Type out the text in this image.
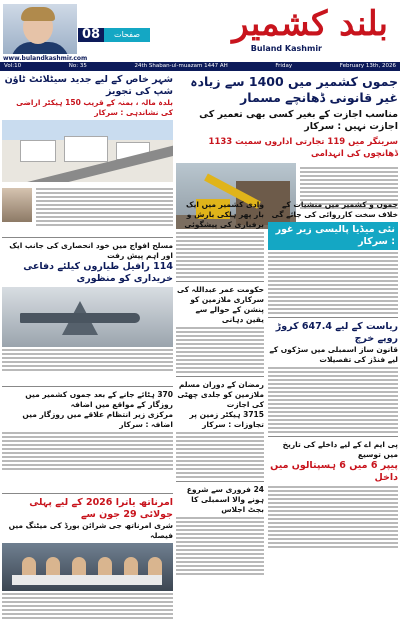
08	صفحات
www.bulandkashmir.com
بلند کشمیر
Buland Kashmir
Vol:10	No: 35	24th Shaban-ul-muazam 1447 AH	Friday	February 13th, 2026
جموں کشمیر میں 1400 سے زیادہ غیر قانونی ڈھانچے مسمار
مناسب اجازت کے بغیر کسی بھی تعمیر کی اجازت نہیں : سرکار
سرینگر میں 119 تجارتی اداروں سمیت 1133 ڈھانچوں کی انہدامی
شہر خاص کے لیے جدید سیٹلائٹ ٹاؤن شپ کی تجویز
بلدہ مالہ ، بمنہ کے قریب 150 ہیکٹر اراضی کی نشاندہی : سرکار
مسلح افواج میں خود انحصاری کی جانب ایک اور اہم پیش رفت
114 رافیل طیاروں کیلئے دفاعی خریداری کو منظوری
370 ہٹائے جانے کے بعد جموں کشمیر میں روزگار کے مواقع میں اضافہ
مرکزی زیر انتظام علاقے میں روزگار میں اضافہ : سرکار
امرناتھ یاترا 2026 کے لیے پہلی جولائی 29 جون سے
شری امرناتھ جی شرائن بورڈ کی میٹنگ میں فیصلہ
وادی کشمیر میں ایک بار پھر ہلکی بارش و برفباری کی پیشگوئی
حکومت عمر عبداللہ کی سرکاری ملازمین کو پنشن کے حوالے سے یقین دہانی
رمضان کے دوران مسلم ملازمین کو جلدی چھٹی کی اجازت
3715 ہیکٹر زمین پر تجاوزات : سرکار
24 فروری سے شروع ہونے والا اسمبلی کا بجٹ اجلاس
جموں و کشمیر میں منشیات کے خلاف سخت کارروائی کی جائے گی
نئی میڈیا پالیسی زیر غور : سرکار
ریاست کے لیے 647.4 کروڑ روپے خرچ
قانون ساز اسمبلی میں سڑکوں کے لیے فنڈز کی تفصیلات
پی ایم اے کے لیے داخلے کی تاریخ میں توسیع
پیپر 6 میں 6 ہسپتالوں میں داخل
